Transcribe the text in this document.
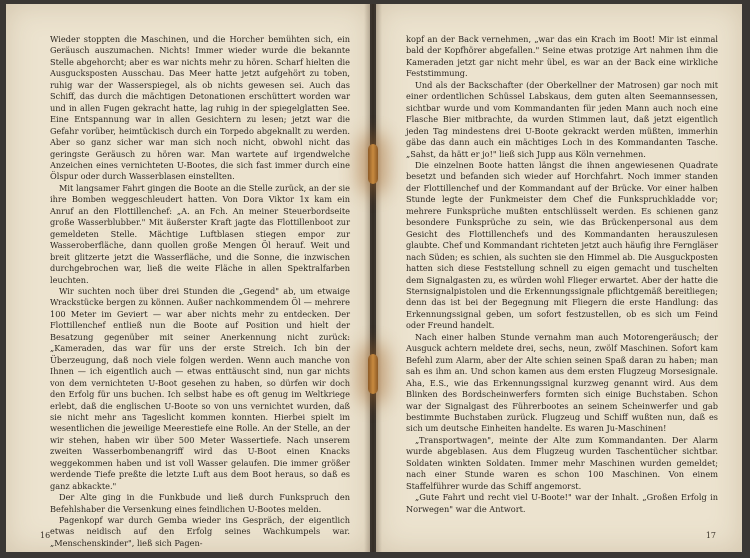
Wieder stoppten die Maschinen, und die Horcher bemühten sich, ein Geräusch auszumachen. Nichts! Immer wieder wurde die bekannte Stelle abgehorcht; aber es war nichts mehr zu hören. Scharf hielten die Ausgucksposten Ausschau. Das Meer hatte jetzt aufgehört zu toben, ruhig war der Wasserspiegel, als ob nichts gewesen sei. Auch das Schiff, das durch die mächtigen Detonationen erschüttert worden war und in allen Fugen gekracht hatte, lag ruhig in der spiegelglatten See. Eine Entspannung war in allen Gesichtern zu lesen; jetzt war die Gefahr vorüber, heimtückisch durch ein Torpedo abgeknallt zu werden. Aber so ganz sicher war man sich noch nicht, obwohl nicht das geringste Geräusch zu hören war. Man wartete auf irgendwelche Anzeichen eines vernichteten U-Bootes, die sich fast immer durch eine Ölspur oder durch Wasserblasen einstellten.

Mit langsamer Fahrt gingen die Boote an die Stelle zurück, an der sie ihre Bomben weggeschleudert hatten. Von Dora Viktor 1x kam ein Anruf an den Flottillenchef: „A. an Fch. An meiner Steuerbordseite große Wasserblubber." Mit äußerster Kraft jagte das Flottillenboot zur gemeldeten Stelle. Mächtige Luftblasen stiegen empor zur Wasseroberfläche, dann quollen große Mengen Öl herauf. Weit und breit glitzerte jetzt die Wasserfläche, und die Sonne, die inzwischen durchgebrochen war, ließ die weite Fläche in allen Spektralfarben leuchten.

Wir suchten noch über drei Stunden die „Gegend" ab, um etwaige Wrackstücke bergen zu können. Außer nachkommendem Öl — mehrere 100 Meter im Geviert — war aber nichts mehr zu entdecken. Der Flottillenchef entließ nun die Boote auf Position und hielt der Besatzung gegenüber mit seiner Anerkennung nicht zurück: „Kameraden, das war für uns der erste Streich. Ich bin der Überzeugung, daß noch viele folgen werden. Wenn auch manche von Ihnen — ich eigentlich auch — etwas enttäuscht sind, nun gar nichts von dem vernichteten U-Boot gesehen zu haben, so dürfen wir doch den Erfolg für uns buchen. Ich selbst habe es oft genug im Weltkriege erlebt, daß die englischen U-Boote so von uns vernichtet wurden, daß sie nicht mehr ans Tageslicht kommen konnten. Hierbei spielt im wesentlichen die jeweilige Meerestiefe eine Rolle. An der Stelle, an der wir stehen, haben wir über 500 Meter Wassertiefe. Nach unserem zweiten Wasserbombenangriff wird das U-Boot einen Knacks weggekommen haben und ist voll Wasser gelaufen. Die immer größer werdende Tiefe preßte die letzte Luft aus dem Boot heraus, so daß es ganz abkackte."

Der Alte ging in die Funkbude und ließ durch Funkspruch den Befehlshaber die Versenkung eines feindlichen U-Bootes melden.

Pagenkopf war durch Gemba wieder ins Gespräch, der eigentlich etwas neidisch auf den Erfolg seines Wachkumpels war. „Menschenskinder", ließ sich Pagen-

16

kopf an der Back vernehmen, „war das ein Krach im Boot! Mir ist einmal bald der Kopfhörer abgefallen." Seine etwas protzige Art nahmen ihm die Kameraden jetzt gar nicht mehr übel, es war an der Back eine wirkliche Feststimmung.

Und als der Backschafter (der Oberkellner der Matrosen) gar noch mit einer ordentlichen Schüssel Labskaus, dem guten alten Seemannsessen, sichtbar wurde und vom Kommandanten für jeden Mann auch noch eine Flasche Bier mitbrachte, da wurden Stimmen laut, daß jetzt eigentlich jeden Tag mindestens drei U-Boote gekrackt werden müßten, immerhin gäbe das dann auch ein mächtiges Loch in des Kommandanten Tasche. „Sahst, da hätt er jo!" ließ sich Jupp aus Köln vernehmen.

Die einzelnen Boote hatten längst die ihnen angewiesenen Quadrate besetzt und befanden sich wieder auf Horchfahrt. Noch immer standen der Flottillenchef und der Kommandant auf der Brücke. Vor einer halben Stunde legte der Funkmeister dem Chef die Funkspruchkladde vor; mehrere Funksprüche mußten entschlüsselt werden. Es schienen ganz besondere Funksprüche zu sein, wie das Brückenpersonal aus dem Gesicht des Flottillenchefs und des Kommandanten herauszulesen glaubte. Chef und Kommandant richteten jetzt auch häufig ihre Ferngläser nach Süden; es schien, als suchten sie den Himmel ab. Die Ausguckposten hatten sich diese Feststellung schnell zu eigen gemacht und tuschelten dem Signalgasten zu, es würden wohl Flieger erwartet. Aber der hatte die Sternsignalpistolen und die Erkennungssignale pflichtgemäß bereitliegen; denn das ist bei der Begegnung mit Fliegern die erste Handlung: das Erkennungssignal geben, um sofort festzustellen, ob es sich um Feind oder Freund handelt.

Nach einer halben Stunde vernahm man auch Motorengeräusch; der Ausguck achtern meldete drei, sechs, neun, zwölf Maschinen. Sofort kam Befehl zum Alarm, aber der Alte schien seinen Spaß daran zu haben; man sah es ihm an. Und schon kamen aus dem ersten Flugzeug Morsesignale. Aha, E.S., wie das Erkennungssignal kurzweg genannt wird. Aus dem Blinken des Bordscheinwerfers formten sich einige Buchstaben. Schon war der Signalgast des Führerbootes an seinem Scheinwerfer und gab bestimmte Buchstaben zurück. Flugzeug und Schiff wußten nun, daß es sich um deutsche Einheiten handelte. Es waren Ju-Maschinen!

„Transportwagen", meinte der Alte zum Kommandanten. Der Alarm wurde abgeblasen. Aus dem Flugzeug wurden Taschentücher sichtbar. Soldaten winkten Soldaten. Immer mehr Maschinen wurden gemeldet; nach einer Stunde waren es schon 100 Maschinen. Von einem Staffelführer wurde das Schiff angemorst.

„Gute Fahrt und recht viel U-Boote!" war der Inhalt. „Großen Erfolg in Norwegen" war die Antwort.

17
